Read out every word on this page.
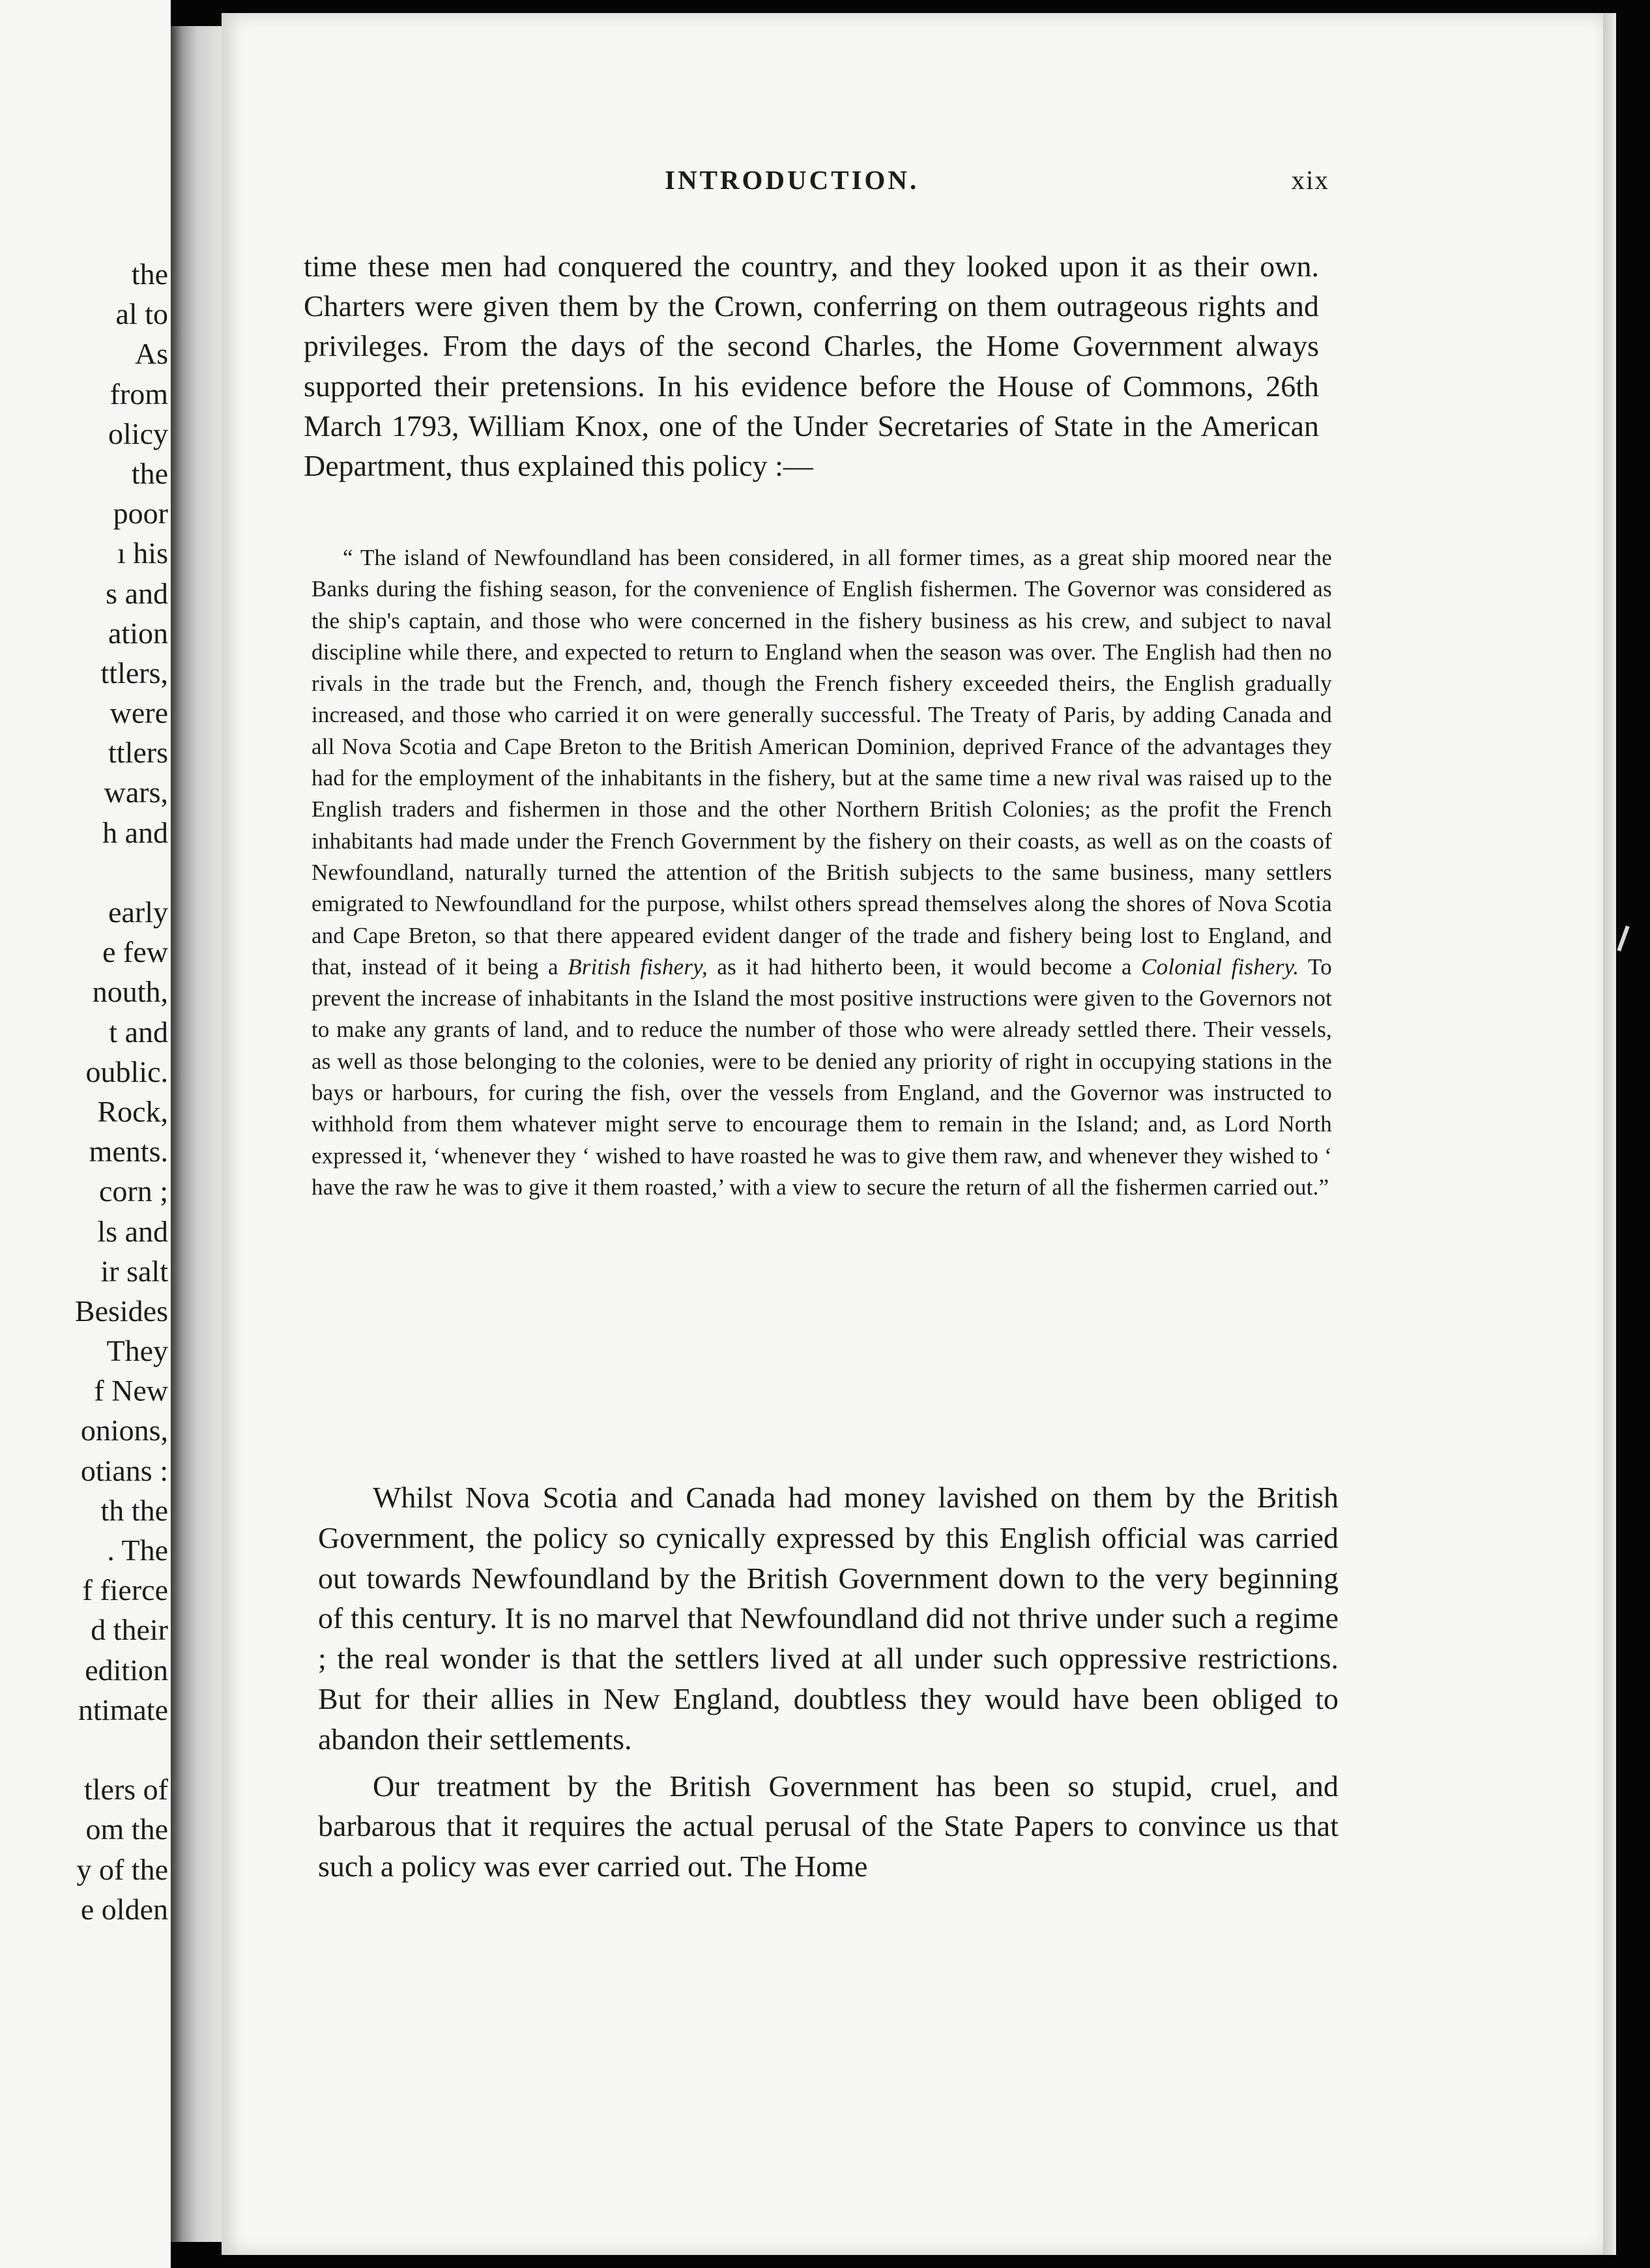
the
al to
As
from
olicy
the
poor
ı his
s and
ation
ttlers,
were
ttlers
wars,
h and
early
e few
nouth,
t and
oublic.
Rock,
ments.
corn ;
ls and
ir salt
Besides
They
f New
onions,
otians :
th the
. The
f fierce
d their
edition
ntimate
tlers of
om the
y of the
e olden
INTRODUCTION.	xix

time these men had conquered the country, and they looked upon it as their own. Charters were given them by the Crown, conferring on them outrageous rights and privileges. From the days of the second Charles, the Home Government always supported their pretensions. In his evidence before the House of Commons, 26th March 1793, William Knox, one of the Under Secretaries of State in the American Department, thus explained this policy :—

“ The island of Newfoundland has been considered, in all former times, as a great ship moored near the Banks during the fishing season, for the convenience of English fishermen. The Governor was considered as the ship's captain, and those who were concerned in the fishery business as his crew, and subject to naval discipline while there, and expected to return to England when the season was over. The English had then no rivals in the trade but the French, and, though the French fishery exceeded theirs, the English gradually increased, and those who carried it on were generally successful. The Treaty of Paris, by adding Canada and all Nova Scotia and Cape Breton to the British American Dominion, deprived France of the advantages they had for the employment of the inhabitants in the fishery, but at the same time a new rival was raised up to the English traders and fishermen in those and the other Northern British Colonies; as the profit the French inhabitants had made under the French Government by the fishery on their coasts, as well as on the coasts of Newfoundland, naturally turned the attention of the British subjects to the same business, many settlers emigrated to Newfoundland for the purpose, whilst others spread themselves along the shores of Nova Scotia and Cape Breton, so that there appeared evident danger of the trade and fishery being lost to England, and that, instead of it being a British fishery, as it had hitherto been, it would become a Colonial fishery. To prevent the increase of inhabitants in the Island the most positive instructions were given to the Governors not to make any grants of land, and to reduce the number of those who were already settled there. Their vessels, as well as those belonging to the colonies, were to be denied any priority of right in occupying stations in the bays or harbours, for curing the fish, over the vessels from England, and the Governor was instructed to withhold from them whatever might serve to encourage them to remain in the Island; and, as Lord North expressed it, ‘whenever they ‘ wished to have roasted he was to give them raw, and whenever they wished to ‘ have the raw he was to give it them roasted,’ with a view to secure the return of all the fishermen carried out.”

Whilst Nova Scotia and Canada had money lavished on them by the British Government, the policy so cynically expressed by this English official was carried out towards Newfoundland by the British Government down to the very beginning of this century. It is no marvel that Newfoundland did not thrive under such a regime ; the real wonder is that the settlers lived at all under such oppressive restrictions. But for their allies in New England, doubtless they would have been obliged to abandon their settlements.

Our treatment by the British Government has been so stupid, cruel, and barbarous that it requires the actual perusal of the State Papers to convince us that such a policy was ever carried out. The Home
